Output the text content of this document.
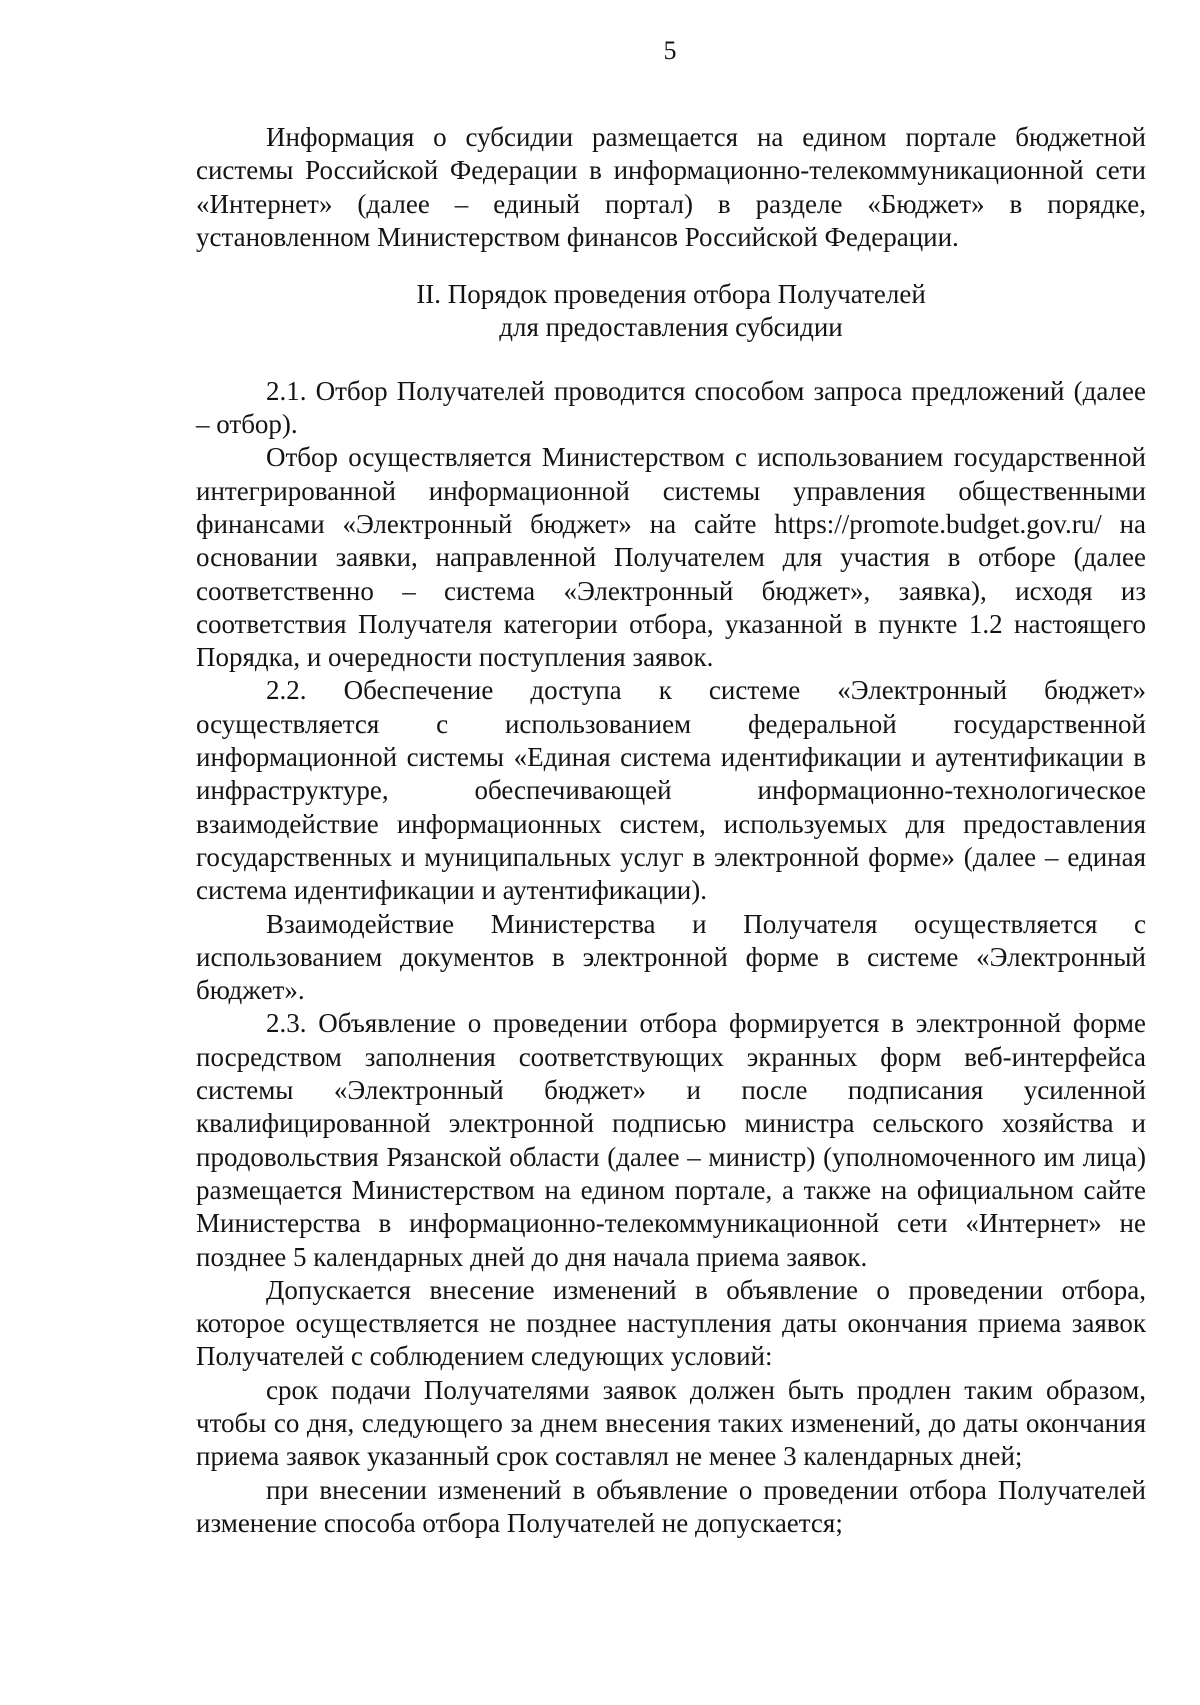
5

Информация о субсидии размещается на едином портале бюджетной системы Российской Федерации в информационно-телекоммуникационной сети «Интернет» (далее – единый портал) в разделе «Бюджет» в порядке, установленном Министерством финансов Российской Федерации.

II. Порядок проведения отбора Получателей
для предоставления субсидии

2.1. Отбор Получателей проводится способом запроса предложений (далее – отбор).

Отбор осуществляется Министерством с использованием государственной интегрированной информационной системы управления общественными финансами «Электронный бюджет» на сайте https://promote.budget.gov.ru/ на основании заявки, направленной Получателем для участия в отборе (далее соответственно – система «Электронный бюджет», заявка), исходя из соответствия Получателя категории отбора, указанной в пункте 1.2 настоящего Порядка, и очередности поступления заявок.

2.2. Обеспечение доступа к системе «Электронный бюджет» осуществляется с использованием федеральной государственной информационной системы «Единая система идентификации и аутентификации в инфраструктуре, обеспечивающей информационно-технологическое взаимодействие информационных систем, используемых для предоставления государственных и муниципальных услуг в электронной форме» (далее – единая система идентификации и аутентификации).

Взаимодействие Министерства и Получателя осуществляется с использованием документов в электронной форме в системе «Электронный бюджет».

2.3. Объявление о проведении отбора формируется в электронной форме посредством заполнения соответствующих экранных форм веб-интерфейса системы «Электронный бюджет» и после подписания усиленной квалифицированной электронной подписью министра сельского хозяйства и продовольствия Рязанской области (далее – министр) (уполномоченного им лица) размещается Министерством на едином портале, а также на официальном сайте Министерства в информационно-телекоммуникационной сети «Интернет» не позднее 5 календарных дней до дня начала приема заявок.

Допускается внесение изменений в объявление о проведении отбора, которое осуществляется не позднее наступления даты окончания приема заявок Получателей с соблюдением следующих условий:

срок подачи Получателями заявок должен быть продлен таким образом, чтобы со дня, следующего за днем внесения таких изменений, до даты окончания приема заявок указанный срок составлял не менее 3 календарных дней;

при внесении изменений в объявление о проведении отбора Получателей изменение способа отбора Получателей не допускается;
